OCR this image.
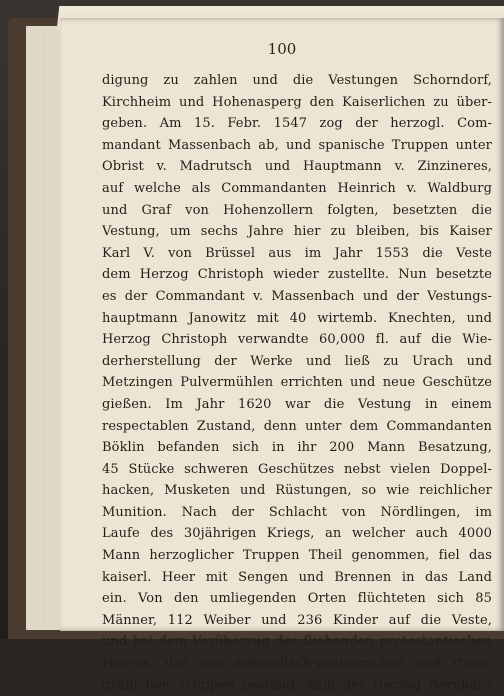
100
digung zu zahlen und die Vestungen Schorndorf,
Kirchheim und Hohenasperg den Kaiserlichen zu über-
geben. Am 15. Febr. 1547 zog der herzogl. Com-
mandant Massenbach ab, und spanische Truppen unter
Obrist v. Madrutsch und Hauptmann v. Zinzineres,
auf welche als Commandanten Heinrich v. Waldburg
und Graf von Hohenzollern folgten, besetzten die
Vestung, um sechs Jahre hier zu bleiben, bis Kaiser
Karl V. von Brüssel aus im Jahr 1553 die Veste
dem Herzog Christoph wieder zustellte. Nun besetzte
es der Commandant v. Massenbach und der Vestungs-
hauptmann Janowitz mit 40 wirtemb. Knechten, und
Herzog Christoph verwandte 60,000 fl. auf die Wie-
derherstellung der Werke und ließ zu Urach und
Metzingen Pulvermühlen errichten und neue Geschütze
gießen. Im Jahr 1620 war die Vestung in einem
respectablen Zustand, denn unter dem Commandanten
Böklin befanden sich in ihr 200 Mann Besatzung,
45 Stücke schweren Geschützes nebst vielen Doppel-
hacken, Musketen und Rüstungen, so wie reichlicher
Munition. Nach der Schlacht von Nördlingen, im
Laufe des 30jährigen Kriegs, an welcher auch 4000
Mann herzoglicher Truppen Theil genommen, fiel das
kaiserl. Heer mit Sengen und Brennen in das Land
ein. Von den umliegenden Orten flüchteten sich 85
Männer, 112 Weiber und 236 Kinder auf die Veste,
und bei dem Vorüberzug des fliehenden protestantischen
Heeres, das aus schwedisch-weimarschen und rhein-
gräflichen Truppen bestand, kam der Herzog Bernhard
